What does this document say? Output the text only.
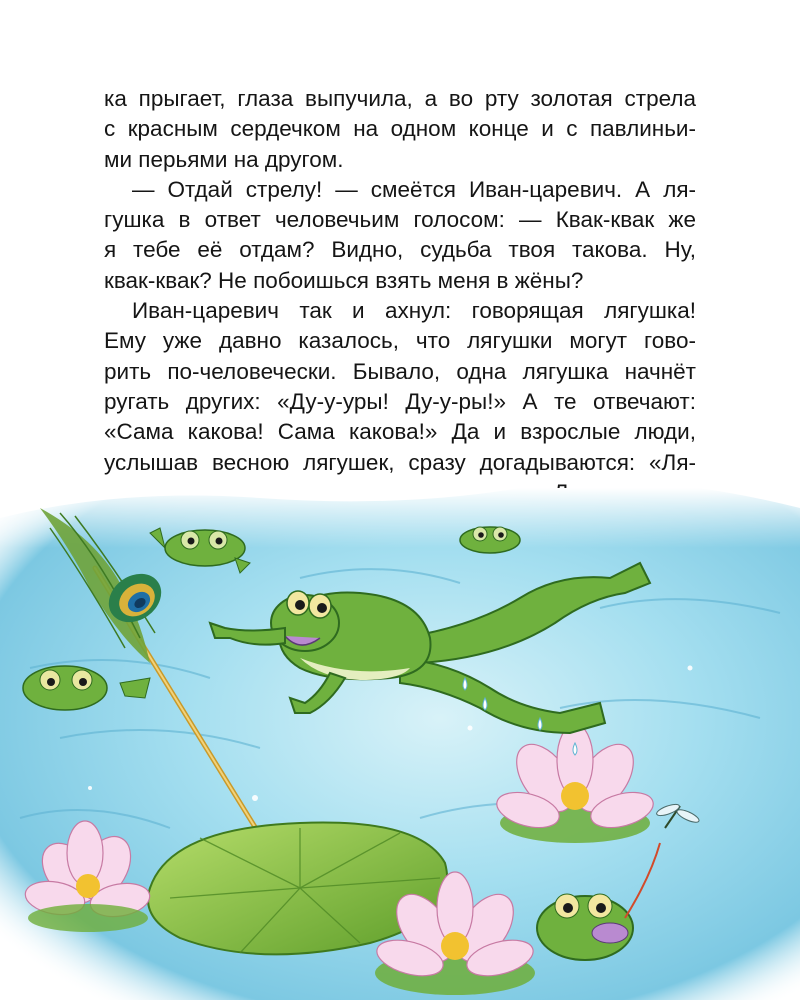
ка прыгает, глаза выпучила, а во рту золотая стрела
с красным сердечком на одном конце и с павлиньи-
ми перьями на другом.
— Отдай стрелу! — смеётся Иван-царевич. А ля-
гушка в ответ человечьим голосом: — Квак-квак же
я тебе её отдам? Видно, судьба твоя такова. Ну,
квак-квак? Не побоишься взять меня в жёны?
Иван-царевич так и ахнул: говорящая лягушка!
Ему уже давно казалось, что лягушки могут гово-
рить по-человечески. Бывало, одна лягушка начнёт
ругать других: «Ду-у-уры! Ду-у-ры!» А те отвечают:
«Сама какова! Сама какова!» Да и взрослые люди,
услышав весною лягушек, сразу догадываются: «Ля-
